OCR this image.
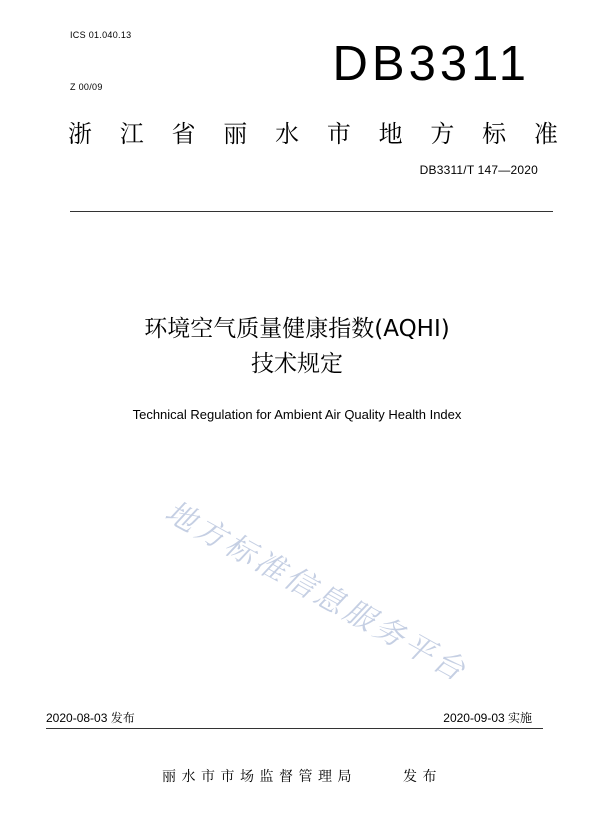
ICS 01.040.13
Z 00/09	DB3311
浙 江 省 丽 水 市 地 方 标 准
DB3311/T 147—2020
环境空气质量健康指数(AQHI)
技术规定
Technical Regulation for Ambient Air Quality Health Index
地方标准信息服务平台
2020-08-03 发布	2020-09-03 实施
丽水市市场监督管理局	发布
